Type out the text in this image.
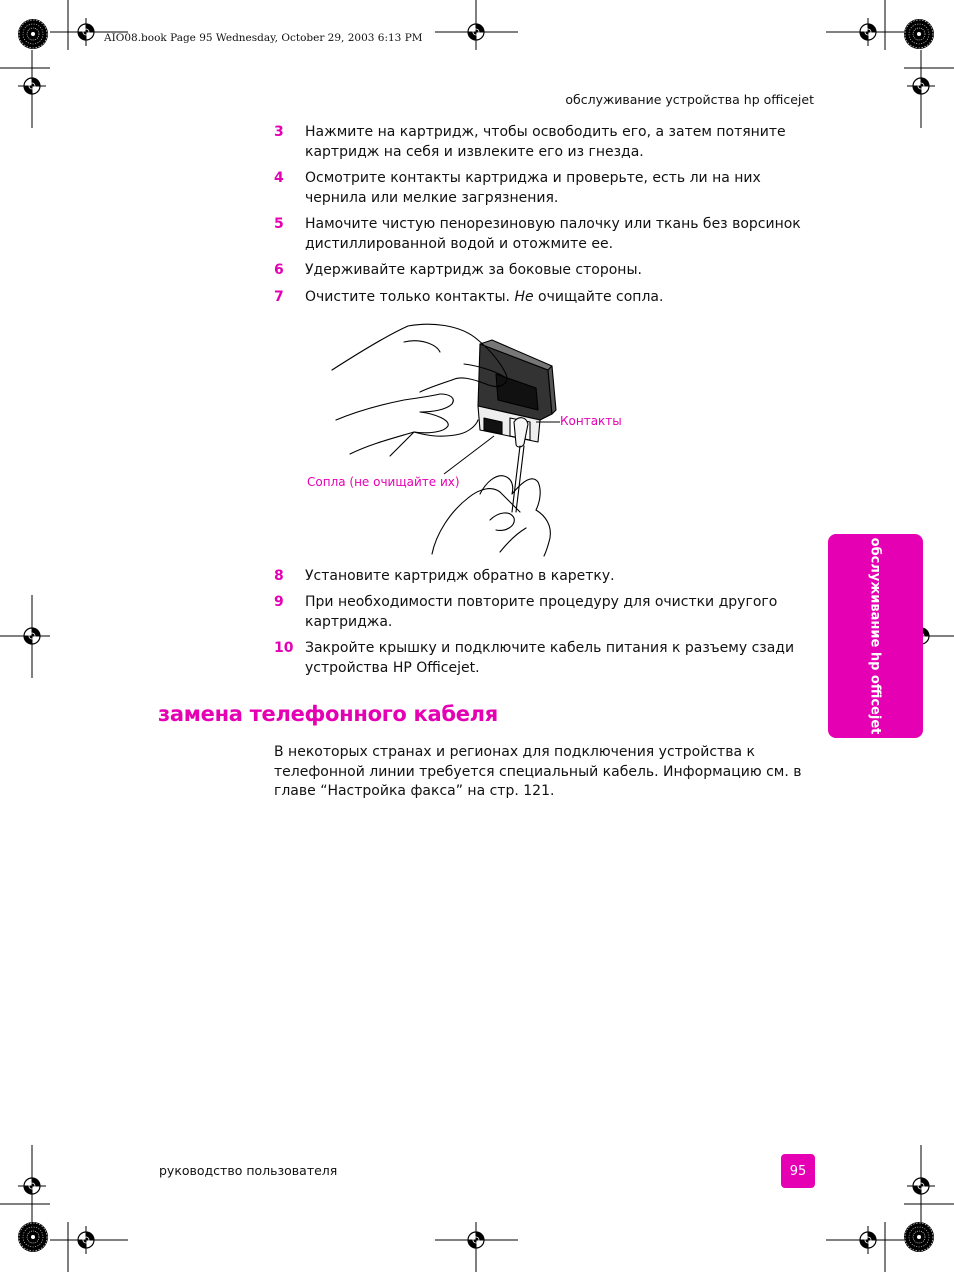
AIO08.book Page 95 Wednesday, October 29, 2003 6:13 PM
обслуживание устройства hp officejet
3 Нажмите на картридж, чтобы освободить его, а затем потяните картридж на себя и извлеките его из гнезда.
4 Осмотрите контакты картриджа и проверьте, есть ли на них чернила или мелкие загрязнения.
5 Намочите чистую пенорезиновую палочку или ткань без ворсинок дистиллированной водой и отожмите ее.
6 Удерживайте картридж за боковые стороны.
7 Очистите только контакты. Не очищайте сопла.
Контакты
Сопла (не очищайте их)
8 Установите картридж обратно в каретку.
9 При необходимости повторите процедуру для очистки другого картриджа.
10 Закройте крышку и подключите кабель питания к разъему сзади устройства HP Officejet.
замена телефонного кабеля
В некоторых странах и регионах для подключения устройства к телефонной линии требуется специальный кабель. Информацию см. в главе “Настройка факса” на стр. 121.
обслуживание hp officejet
руководство пользователя	95
